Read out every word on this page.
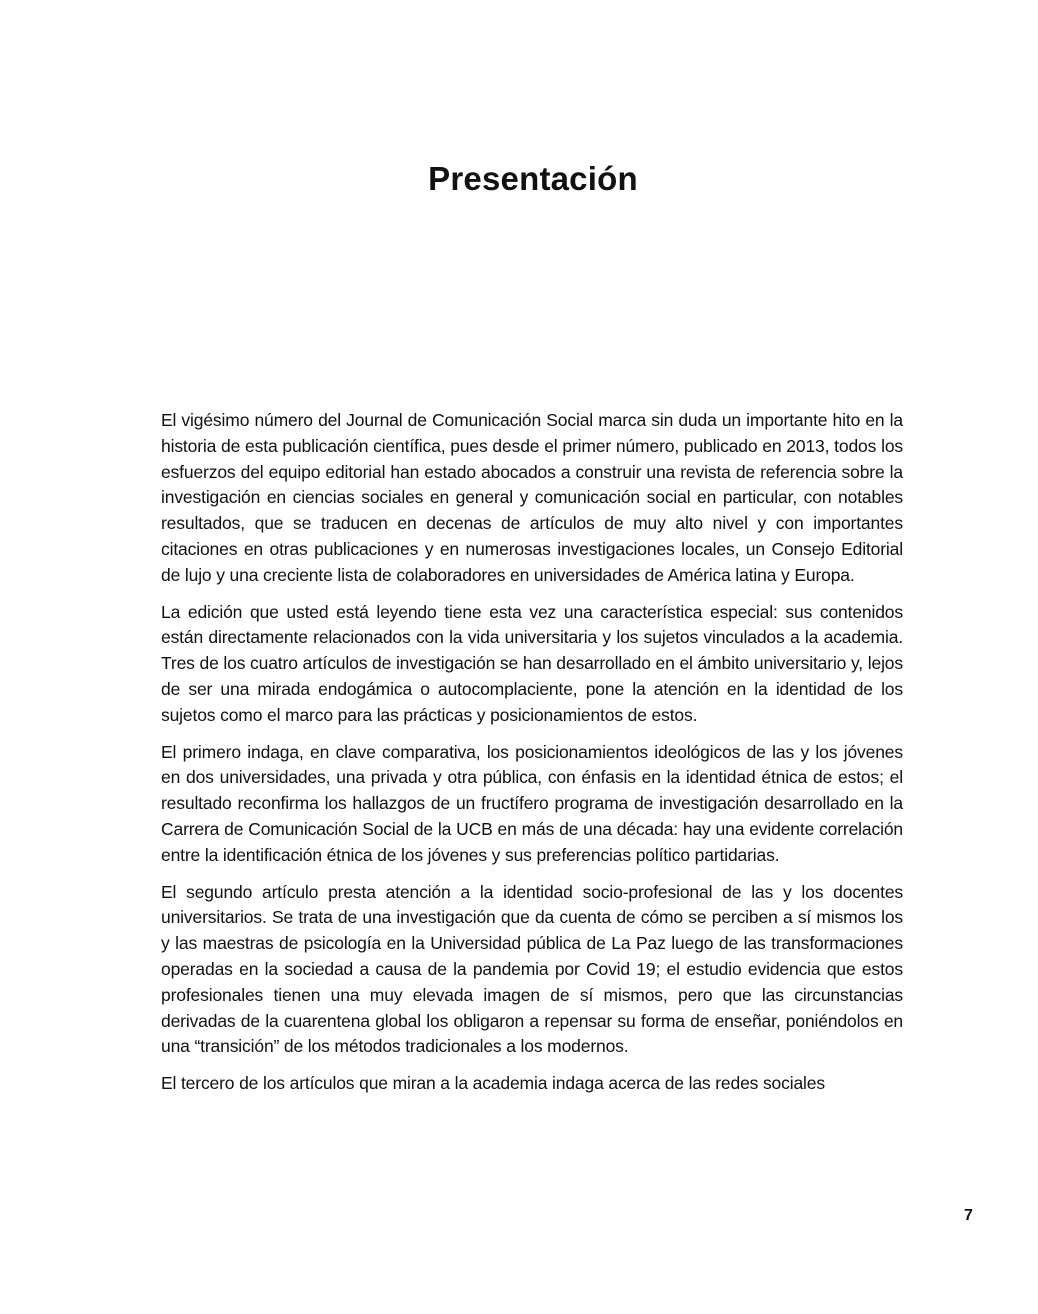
Presentación

El vigésimo número del Journal de Comunicación Social marca sin duda un importante hito en la historia de esta publicación científica, pues desde el primer número, publicado en 2013, todos los esfuerzos del equipo editorial han estado abocados a construir una revista de referencia sobre la investigación en ciencias sociales en general y comunicación social en particular, con notables resultados, que se traducen en decenas de artículos de muy alto nivel y con importantes citaciones en otras publicaciones y en numerosas investigaciones locales, un Consejo Editorial de lujo y una creciente lista de colaboradores en universidades de América latina y Europa.

La edición que usted está leyendo tiene esta vez una característica especial: sus contenidos están directamente relacionados con la vida universitaria y los sujetos vinculados a la academia. Tres de los cuatro artículos de investigación se han desarrollado en el ámbito universitario y, lejos de ser una mirada endogámica o autocomplaciente, pone la atención en la identidad de los sujetos como el marco para las prácticas y posicionamientos de estos.

El primero indaga, en clave comparativa, los posicionamientos ideológicos de las y los jóvenes en dos universidades, una privada y otra pública, con énfasis en la identidad étnica de estos; el resultado reconfirma los hallazgos de un fructífero programa de investigación desarrollado en la Carrera de Comunicación Social de la UCB en más de una década: hay una evidente correlación entre la identificación étnica de los jóvenes y sus preferencias político partidarias.

El segundo artículo presta atención a la identidad socio-profesional de las y los docentes universitarios. Se trata de una investigación que da cuenta de cómo se perciben a sí mismos los y las maestras de psicología en la Universidad pública de La Paz luego de las transformaciones operadas en la sociedad a causa de la pandemia por Covid 19; el estudio evidencia que estos profesionales tienen una muy elevada imagen de sí mismos, pero que las circunstancias derivadas de la cuarentena global los obligaron a repensar su forma de enseñar, poniéndolos en una “transición” de los métodos tradicionales a los modernos.

El tercero de los artículos que miran a la academia indaga acerca de las redes sociales

7
